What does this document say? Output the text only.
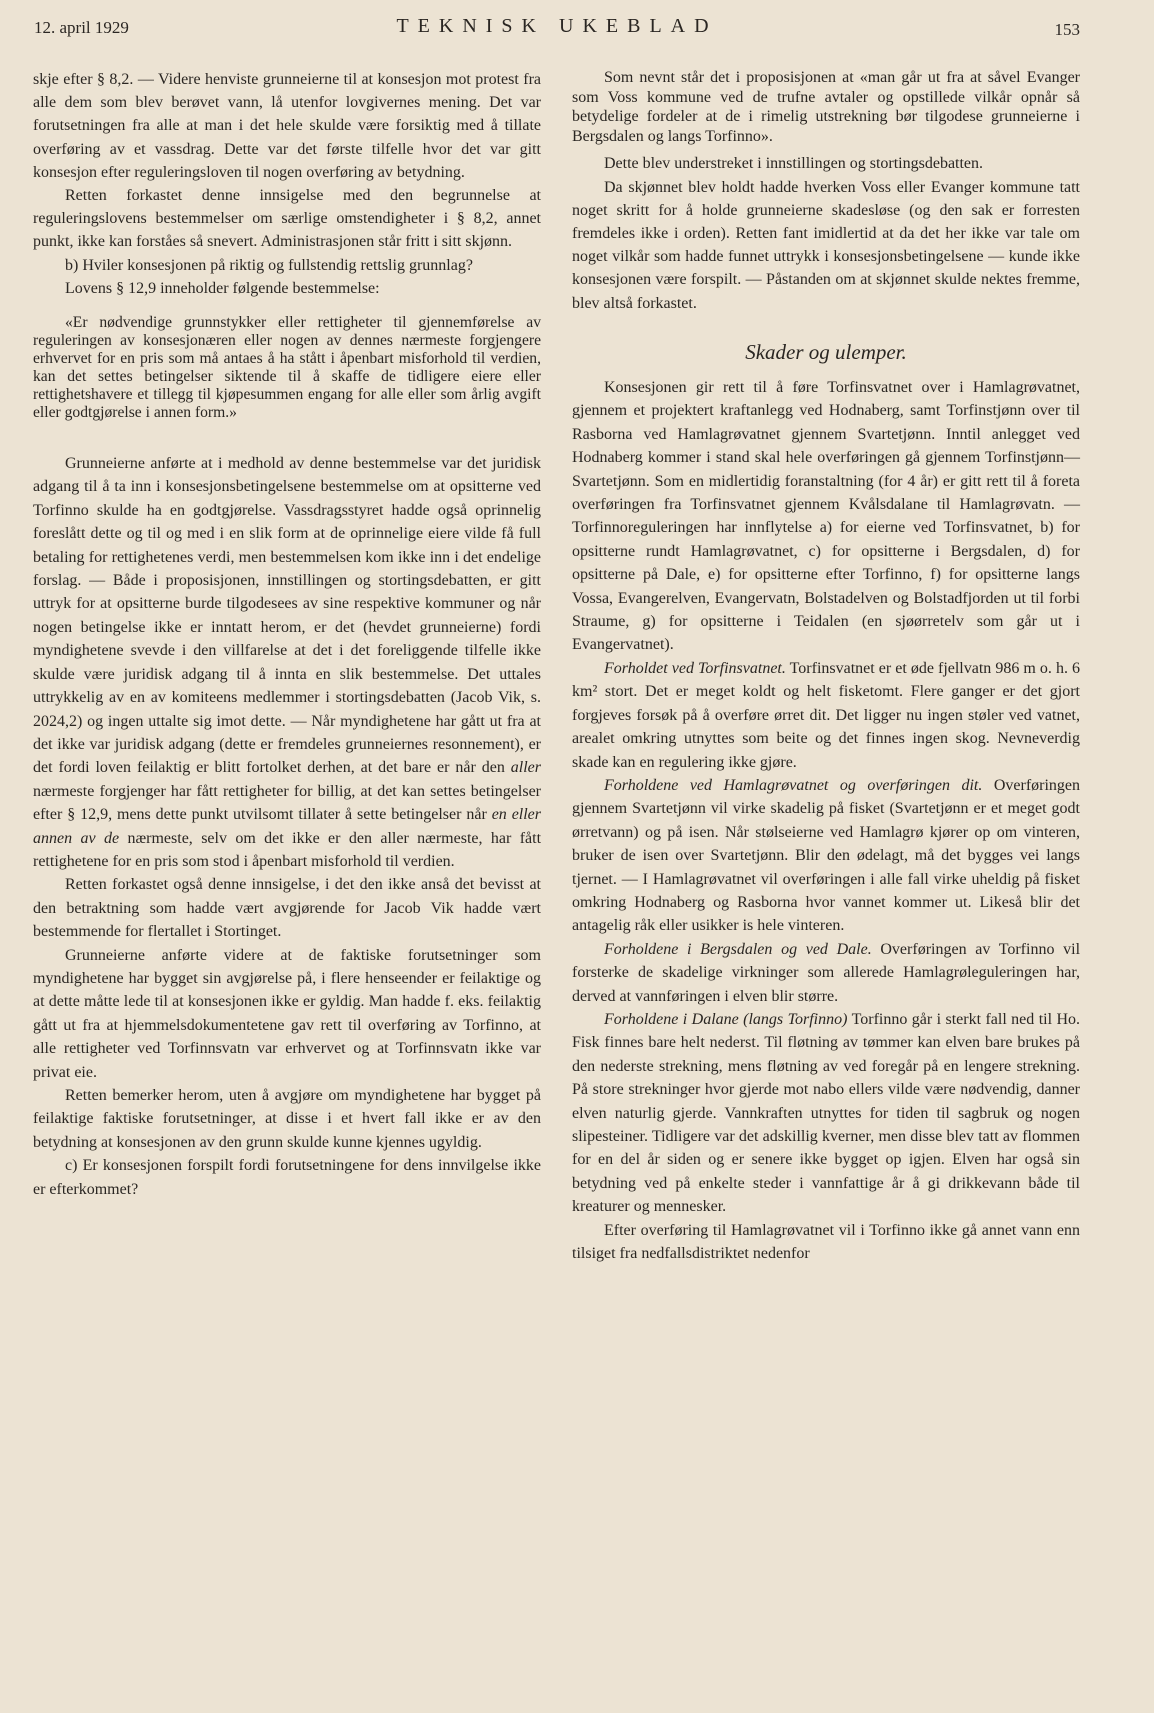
12. april 1929	TEKNISK UKEBLAD	153

skje efter § 8,2. — Videre henviste grunneierne til at konsesjon mot protest fra alle dem som blev berøvet vann, lå utenfor lovgivernes mening. Det var forutsetningen fra alle at man i det hele skulde være forsiktig med å tillate overføring av et vassdrag. Dette var det første tilfelle hvor det var gitt konsesjon efter reguleringsloven til nogen overføring av betydning.

Retten forkastet denne innsigelse med den begrunnelse at reguleringslovens bestemmelser om særlige omstendigheter i § 8,2, annet punkt, ikke kan forståes så snevert. Administrasjonen står fritt i sitt skjønn.

b) Hviler konsesjonen på riktig og fullstendig rettslig grunnlag?

Lovens § 12,9 inneholder følgende bestemmelse:

«Er nødvendige grunnstykker eller rettigheter til gjennemførelse av reguleringen av konsesjonæren eller nogen av dennes nærmeste forgjengere erhvervet for en pris som må antaes å ha stått i åpenbart misforhold til verdien, kan det settes betingelser siktende til å skaffe de tidligere eiere eller rettighetshavere et tillegg til kjøpesummen engang for alle eller som årlig avgift eller godtgjørelse i annen form.»

Grunneierne anførte at i medhold av denne bestemmelse var det juridisk adgang til å ta inn i konsesjonsbetingelsene bestemmelse om at opsitterne ved Torfinno skulde ha en godtgjørelse. Vassdragsstyret hadde også oprinnelig foreslått dette og til og med i en slik form at de oprinnelige eiere vilde få full betaling for rettighetenes verdi, men bestemmelsen kom ikke inn i det endelige forslag. — Både i proposisjonen, innstillingen og stortingsdebatten, er gitt uttryk for at opsitterne burde tilgodesees av sine respektive kommuner og når nogen betingelse ikke er inntatt herom, er det (hevdet grunneierne) fordi myndighetene svevde i den villfarelse at det i det foreliggende tilfelle ikke skulde være juridisk adgang til å innta en slik bestemmelse. Det uttales uttrykkelig av en av komiteens medlemmer i stortingsdebatten (Jacob Vik, s. 2024,2) og ingen uttalte sig imot dette. — Når myndighetene har gått ut fra at det ikke var juridisk adgang (dette er fremdeles grunneiernes resonnement), er det fordi loven feilaktig er blitt fortolket derhen, at det bare er når den aller nærmeste forgjenger har fått rettigheter for billig, at det kan settes betingelser efter § 12,9, mens dette punkt utvilsomt tillater å sette betingelser når en eller annen av de nærmeste, selv om det ikke er den aller nærmeste, har fått rettighetene for en pris som stod i åpenbart misforhold til verdien.

Retten forkastet også denne innsigelse, i det den ikke anså det bevisst at den betraktning som hadde vært avgjørende for Jacob Vik hadde vært bestemmende for flertallet i Stortinget.

Grunneierne anførte videre at de faktiske forutsetninger som myndighetene har bygget sin avgjørelse på, i flere henseender er feilaktige og at dette måtte lede til at konsesjonen ikke er gyldig. Man hadde f. eks. feilaktig gått ut fra at hjemmelsdokumentetene gav rett til overføring av Torfinno, at alle rettigheter ved Torfinnsvatn var erhvervet og at Torfinnsvatn ikke var privat eie.

Retten bemerker herom, uten å avgjøre om myndighetene har bygget på feilaktige faktiske forutsetninger, at disse i et hvert fall ikke er av den betydning at konsesjonen av den grunn skulde kunne kjennes ugyldig.

c) Er konsesjonen forspilt fordi forutsetningene for dens innvilgelse ikke er efterkommet?

Som nevnt står det i proposisjonen at «man går ut fra at såvel Evanger som Voss kommune ved de trufne avtaler og opstillede vilkår opnår så betydelige fordeler at de i rimelig utstrekning bør tilgodese grunneierne i Bergsdalen og langs Torfinno».

Dette blev understreket i innstillingen og stortingsdebatten.

Da skjønnet blev holdt hadde hverken Voss eller Evanger kommune tatt noget skritt for å holde grunneierne skadesløse (og den sak er forresten fremdeles ikke i orden). Retten fant imidlertid at da det her ikke var tale om noget vilkår som hadde funnet uttrykk i konsesjonsbetingelsene — kunde ikke konsesjonen være forspilt. — Påstanden om at skjønnet skulde nektes fremme, blev altså forkastet.

Skader og ulemper.

Konsesjonen gir rett til å føre Torfinsvatnet over i Hamlagrøvatnet, gjennem et projektert kraftanlegg ved Hodnaberg, samt Torfinstjønn over til Rasborna ved Hamlagrøvatnet gjennem Svartetjønn. Inntil anlegget ved Hodnaberg kommer i stand skal hele overføringen gå gjennem Torfinstjønn—Svartetjønn. Som en midlertidig foranstaltning (for 4 år) er gitt rett til å foreta overføringen fra Torfinsvatnet gjennem Kvålsdalane til Hamlagrøvatn. — Torfinnoreguleringen har innflytelse a) for eierne ved Torfinsvatnet, b) for opsitterne rundt Hamlagrøvatnet, c) for opsitterne i Bergsdalen, d) for opsitterne på Dale, e) for opsitterne efter Torfinno, f) for opsitterne langs Vossa, Evangerelven, Evangervatn, Bolstadelven og Bolstadfjorden ut til forbi Straume, g) for opsitterne i Teidalen (en sjøørretelv som går ut i Evangervatnet).

Forholdet ved Torfinsvatnet. Torfinsvatnet er et øde fjellvatn 986 m o. h. 6 km² stort. Det er meget koldt og helt fisketomt. Flere ganger er det gjort forgjeves forsøk på å overføre ørret dit. Det ligger nu ingen støler ved vatnet, arealet omkring utnyttes som beite og det finnes ingen skog. Nevneverdig skade kan en regulering ikke gjøre.

Forholdene ved Hamlagrøvatnet og overføringen dit. Overføringen gjennem Svartetjønn vil virke skadelig på fisket (Svartetjønn er et meget godt ørretvann) og på isen. Når stølseierne ved Hamlagrø kjører op om vinteren, bruker de isen over Svartetjønn. Blir den ødelagt, må det bygges vei langs tjernet. — I Hamlagrøvatnet vil overføringen i alle fall virke uheldig på fisket omkring Hodnaberg og Rasborna hvor vannet kommer ut. Likeså blir det antagelig råk eller usikker is hele vinteren.

Forholdene i Bergsdalen og ved Dale. Overføringen av Torfinno vil forsterke de skadelige virkninger som allerede Hamlagrøleguleringen har, derved at vannføringen i elven blir større.

Forholdene i Dalane (langs Torfinno) Torfinno går i sterkt fall ned til Ho. Fisk finnes bare helt nederst. Til fløtning av tømmer kan elven bare brukes på den nederste strekning, mens fløtning av ved foregår på en lengere strekning. På store strekninger hvor gjerde mot nabo ellers vilde være nødvendig, danner elven naturlig gjerde. Vannkraften utnyttes for tiden til sagbruk og nogen slipesteiner. Tidligere var det adskillig kverner, men disse blev tatt av flommen for en del år siden og er senere ikke bygget op igjen. Elven har også sin betydning ved på enkelte steder i vannfattige år å gi drikkevann både til kreaturer og mennesker.

Efter overføring til Hamlagrøvatnet vil i Torfinno ikke gå annet vann enn tilsiget fra nedfallsdistriktet nedenfor
